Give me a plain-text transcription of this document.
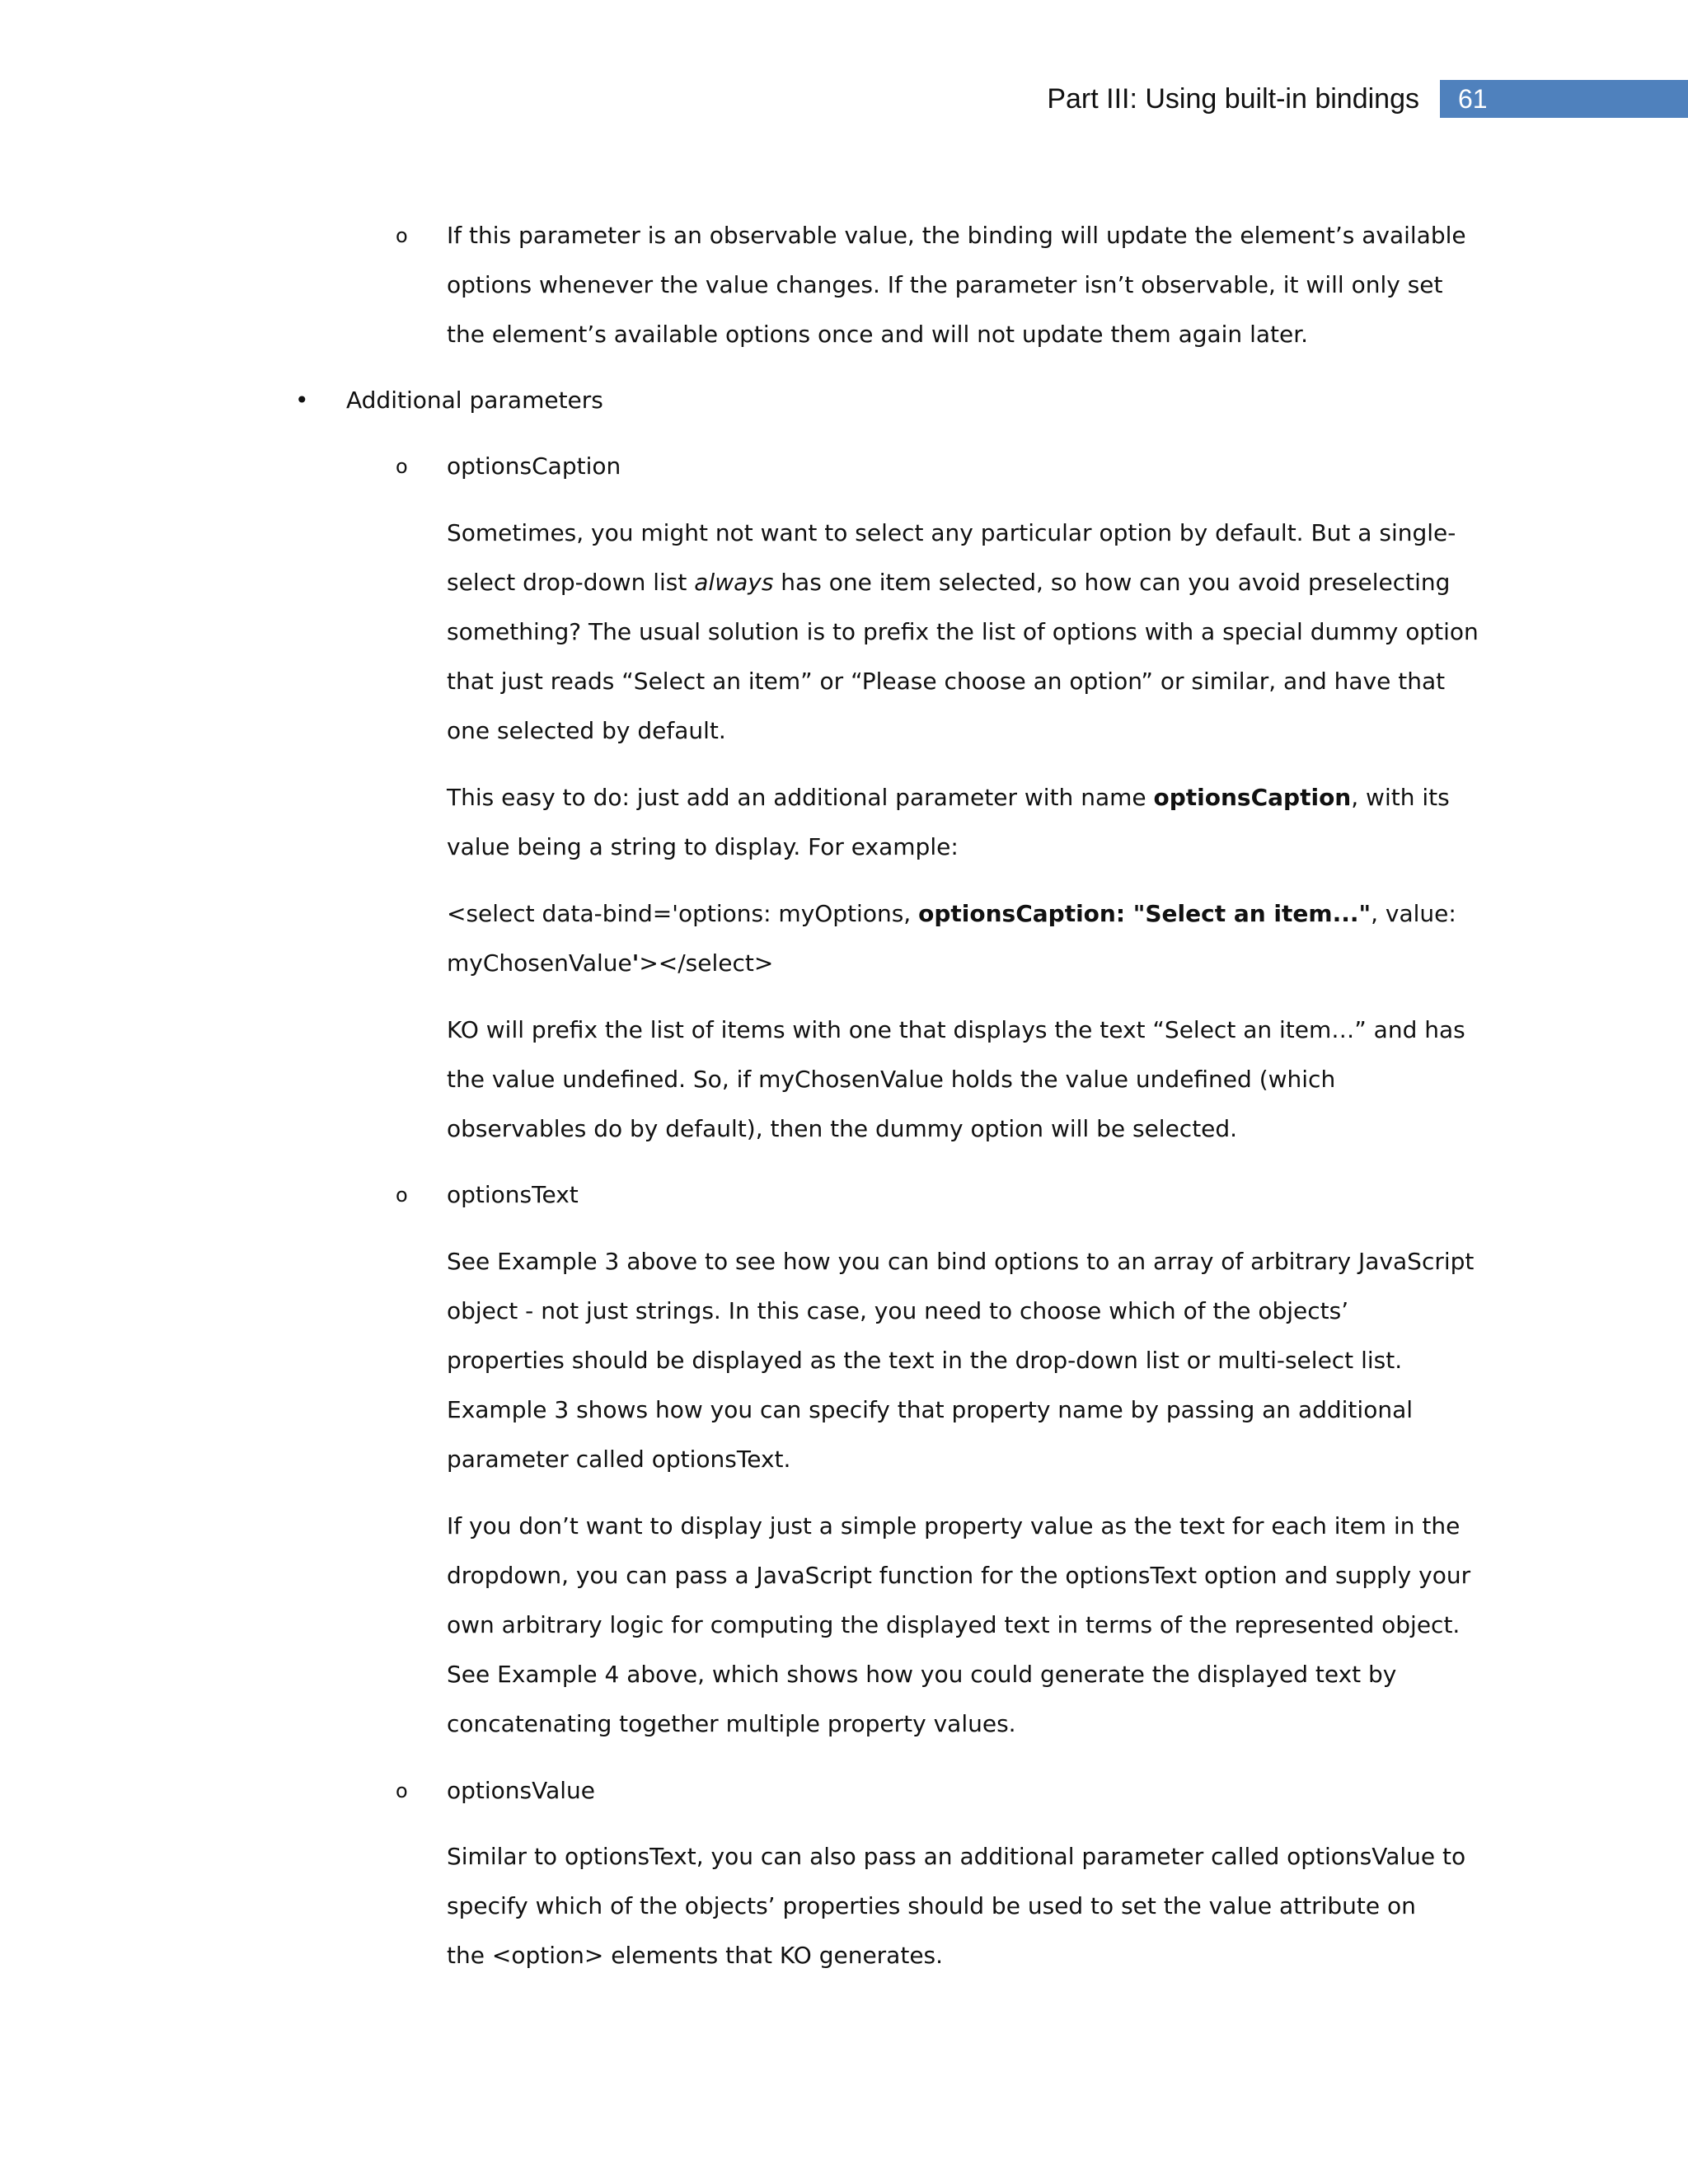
Part III: Using built-in bindings 61
o If this parameter is an observable value, the binding will update the element’s available

options whenever the value changes. If the parameter isn’t observable, it will only set

the element’s available options once and will not update them again later.

• Additional parameters

o optionsCaption

Sometimes, you might not want to select any particular option by default. But a single-

select drop-down list always has one item selected, so how can you avoid preselecting

something? The usual solution is to prefix the list of options with a special dummy option

that just reads “Select an item” or “Please choose an option” or similar, and have that

one selected by default.

This easy to do: just add an additional parameter with name optionsCaption, with its

value being a string to display. For example:

<select data-bind='options: myOptions, optionsCaption: "Select an item...", value:

myChosenValue'></select>

KO will prefix the list of items with one that displays the text “Select an item…” and has

the value undefined. So, if myChosenValue holds the value undefined (which

observables do by default), then the dummy option will be selected.

o optionsText

See Example 3 above to see how you can bind options to an array of arbitrary JavaScript

object - not just strings. In this case, you need to choose which of the objects’

properties should be displayed as the text in the drop-down list or multi-select list.

Example 3 shows how you can specify that property name by passing an additional

parameter called optionsText.

If you don’t want to display just a simple property value as the text for each item in the

dropdown, you can pass a JavaScript function for the optionsText option and supply your

own arbitrary logic for computing the displayed text in terms of the represented object.

See Example 4 above, which shows how you could generate the displayed text by

concatenating together multiple property values.

o optionsValue

Similar to optionsText, you can also pass an additional parameter called optionsValue to

specify which of the objects’ properties should be used to set the value attribute on

the <option> elements that KO generates.
